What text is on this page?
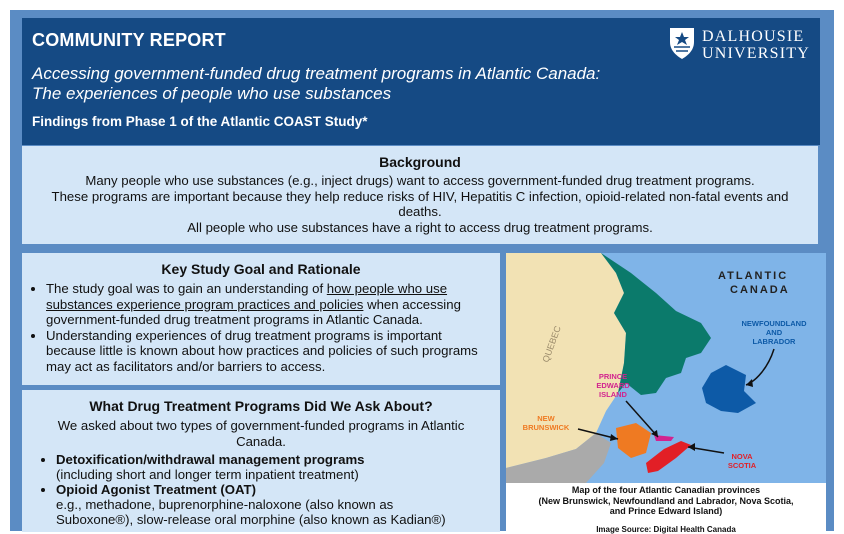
COMMUNITY REPORT
Accessing government-funded drug treatment programs in Atlantic Canada:
The experiences of people who use substances
Findings from Phase 1 of the Atlantic COAST Study*
DALHOUSIE
UNIVERSITY
Background
Many people who use substances (e.g., inject drugs) want to access government-funded drug treatment programs.
These programs are important because they help reduce risks of HIV, Hepatitis C infection, opioid-related non-fatal events and deaths.
All people who use substances have a right to access drug treatment programs.
Key Study Goal and Rationale
• The study goal was to gain an understanding of how people who use substances experience program practices and policies when accessing government-funded drug treatment programs in Atlantic Canada.
• Understanding experiences of drug treatment programs is important because little is known about how practices and policies of such programs may act as facilitators and/or barriers to access.
What Drug Treatment Programs Did We Ask About?
We asked about two types of government-funded programs in Atlantic Canada.
• Detoxification/withdrawal management programs
(including short and longer term inpatient treatment)
• Opioid Agonist Treatment (OAT)
e.g., methadone, buprenorphine-naloxone (also known as
Suboxone®), slow-release oral morphine (also known as Kadian®)
ATLANTIC
CANADA
QUEBEC
NEWFOUNDLAND
AND
LABRADOR
PRINCE
EDWARD
ISLAND
NEW
BRUNSWICK
NOVA
SCOTIA
Map of the four Atlantic Canadian provinces
(New Brunswick, Newfoundland and Labrador, Nova Scotia,
and Prince Edward Island)
Image Source: Digital Health Canada
